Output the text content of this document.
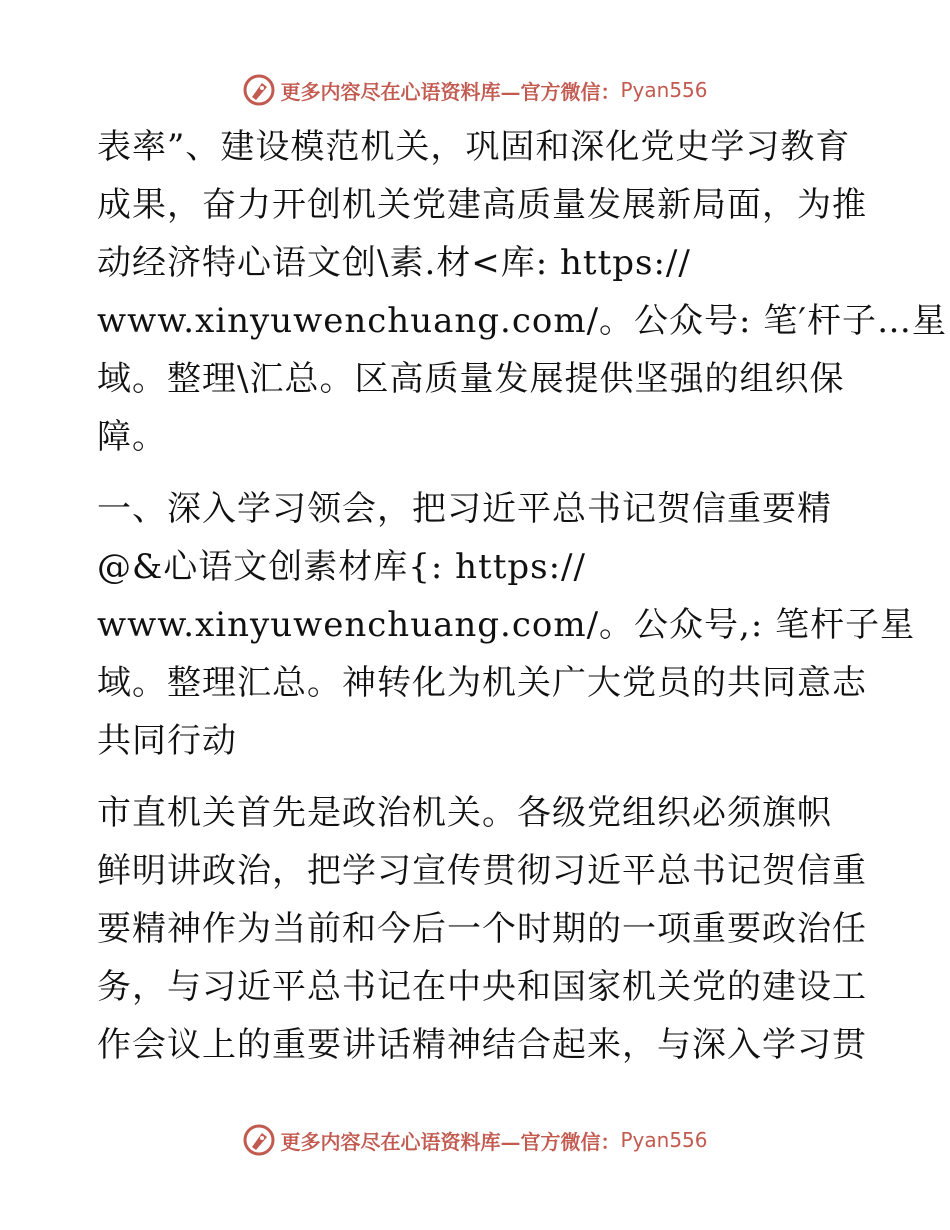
更多内容尽在心语资料库—官方微信： Pyan556
表率”、建设模范机关，巩固和深化党史学习教育
成果，奋力开创机关党建高质量发展新局面，为推
动经济特心语文创\素.材<库: https://
www.xinyuwenchuang.com/。公众号: 笔′杆子…星
域。整理\汇总。区高质量发展提供坚强的组织保
障。
一、深入学习领会，把习近平总书记贺信重要精
@&心语文创素材库{: https://
www.xinyuwenchuang.com/。公众号,: 笔杆子星
域。整理汇总。神转化为机关广大党员的共同意志
共同行动
市直机关首先是政治机关。各级党组织必须旗帜
鲜明讲政治，把学习宣传贯彻习近平总书记贺信重
要精神作为当前和今后一个时期的一项重要政治任
务，与习近平总书记在中央和国家机关党的建设工
作会议上的重要讲话精神结合起来，与深入学习贯
更多内容尽在心语资料库—官方微信： Pyan556
